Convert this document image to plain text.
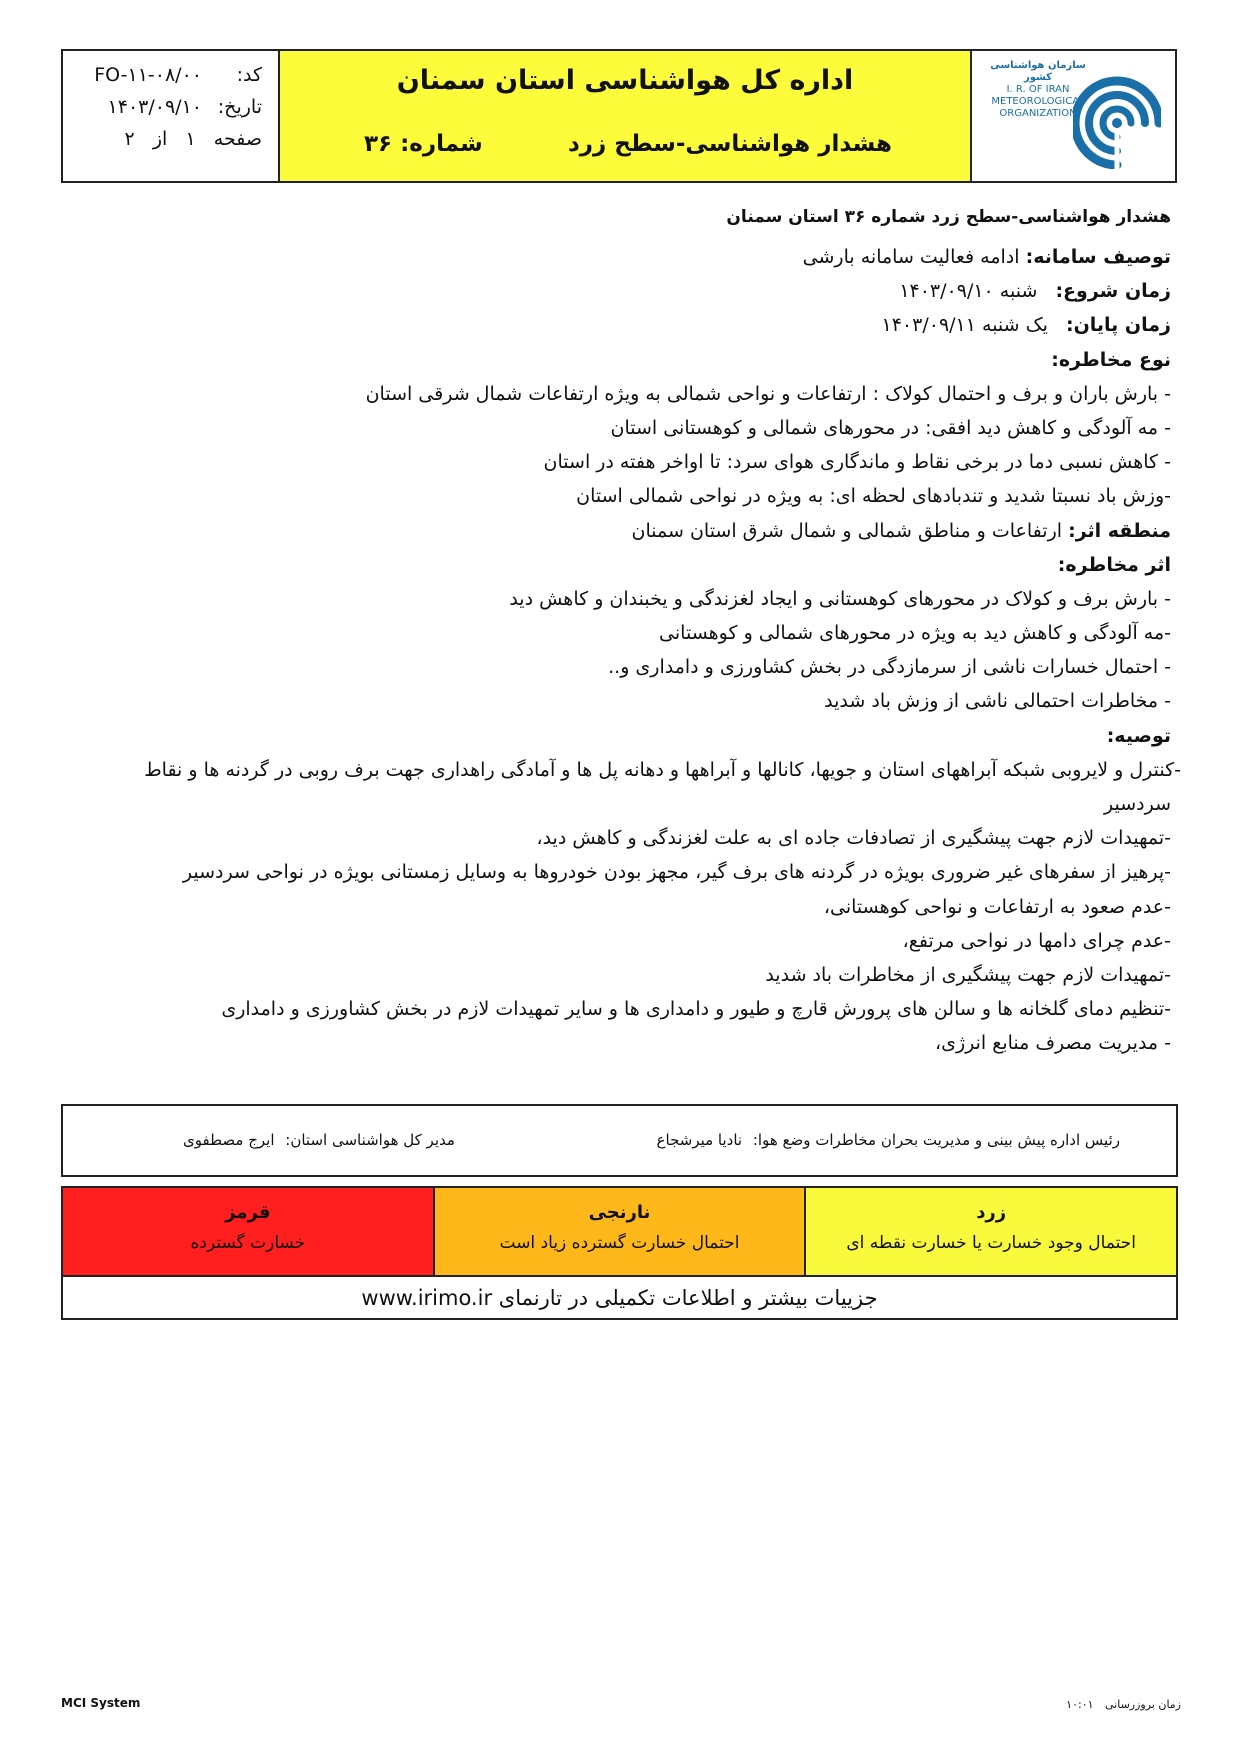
کد:
FO-۱۱-۰۸/۰۰
تاریخ:
۱۴۰۳/۰۹/۱۰
صفحه   ۱   از   ۲
اداره کل هواشناسی استان سمنان
هشدار هواشناسی-سطح زرد
شماره: ۳۶
سازمان هواشناسی کشور
I. R. OF IRAN
METEOROLOGICAL
ORGANIZATION
هشدار هواشناسی-سطح زرد شماره ۳۶ استان سمنان
توصیف سامانه: ادامه فعالیت سامانه بارشی
زمان شروع: شنبه ۱۴۰۳/۰۹/۱۰
زمان پایان: یک شنبه ۱۴۰۳/۰۹/۱۱
نوع مخاطره:
- بارش باران و برف و احتمال کولاک : ارتفاعات و نواحی شمالی به ویژه ارتفاعات شمال شرقی استان
- مه آلودگی و کاهش دید افقی: در محورهای شمالی و کوهستانی استان
- کاهش نسبی دما در برخی نقاط و ماندگاری هوای سرد: تا اواخر هفته در استان
-وزش باد نسبتا شدید و تندبادهای لحظه ای: به ویژه در نواحی شمالی استان
منطقه اثر: ارتفاعات و مناطق شمالی و شمال شرق استان سمنان
اثر مخاطره:
- بارش برف و کولاک در محورهای کوهستانی و ایجاد لغزندگی و یخبندان و کاهش دید
-مه آلودگی و کاهش دید به ویژه در محورهای شمالی و کوهستانی
- احتمال خسارات ناشی از سرمازدگی در بخش کشاورزی و دامداری و..
- مخاطرات احتمالی ناشی از وزش باد شدید
توصیه:
-کنترل و لایروبی شبکه آبراههای استان و جویها، کانالها و آبراهها و دهانه پل ها و آمادگی راهداری جهت برف روبی در گردنه ها و نقاط
سردسیر
-تمهیدات لازم جهت پیشگیری از تصادفات جاده ای به علت لغزندگی و کاهش دید،
-پرهیز از سفرهای غیر ضروری بویژه در گردنه های برف گیر، مجهز بودن خودروها به وسایل زمستانی بویژه در نواحی سردسیر
-عدم صعود به ارتفاعات و نواحی کوهستانی،
-عدم چرای دامها در نواحی مرتفع،
-تمهیدات لازم جهت پیشگیری از مخاطرات باد شدید
-تنظیم دمای گلخانه ها و سالن های پرورش قارچ و طیور و دامداری ها و سایر تمهیدات لازم در بخش کشاورزی و دامداری
- مدیریت مصرف منابع انرژی،
رئیس اداره پیش بینی و مدیریت بحران مخاطرات وضع هوا: نادیا میرشجاع
مدیر کل هواشناسی استان: ایرج مصطفوی
قرمز
خسارت گسترده
نارنجی
احتمال خسارت گسترده زیاد است
زرد
احتمال وجود خسارت یا خسارت نقطه ای
جزییات بیشتر و اطلاعات تکمیلی در تارنمای www.irimo.ir
MCI System	زمان بروزرسانی ۱۰:۰۱
